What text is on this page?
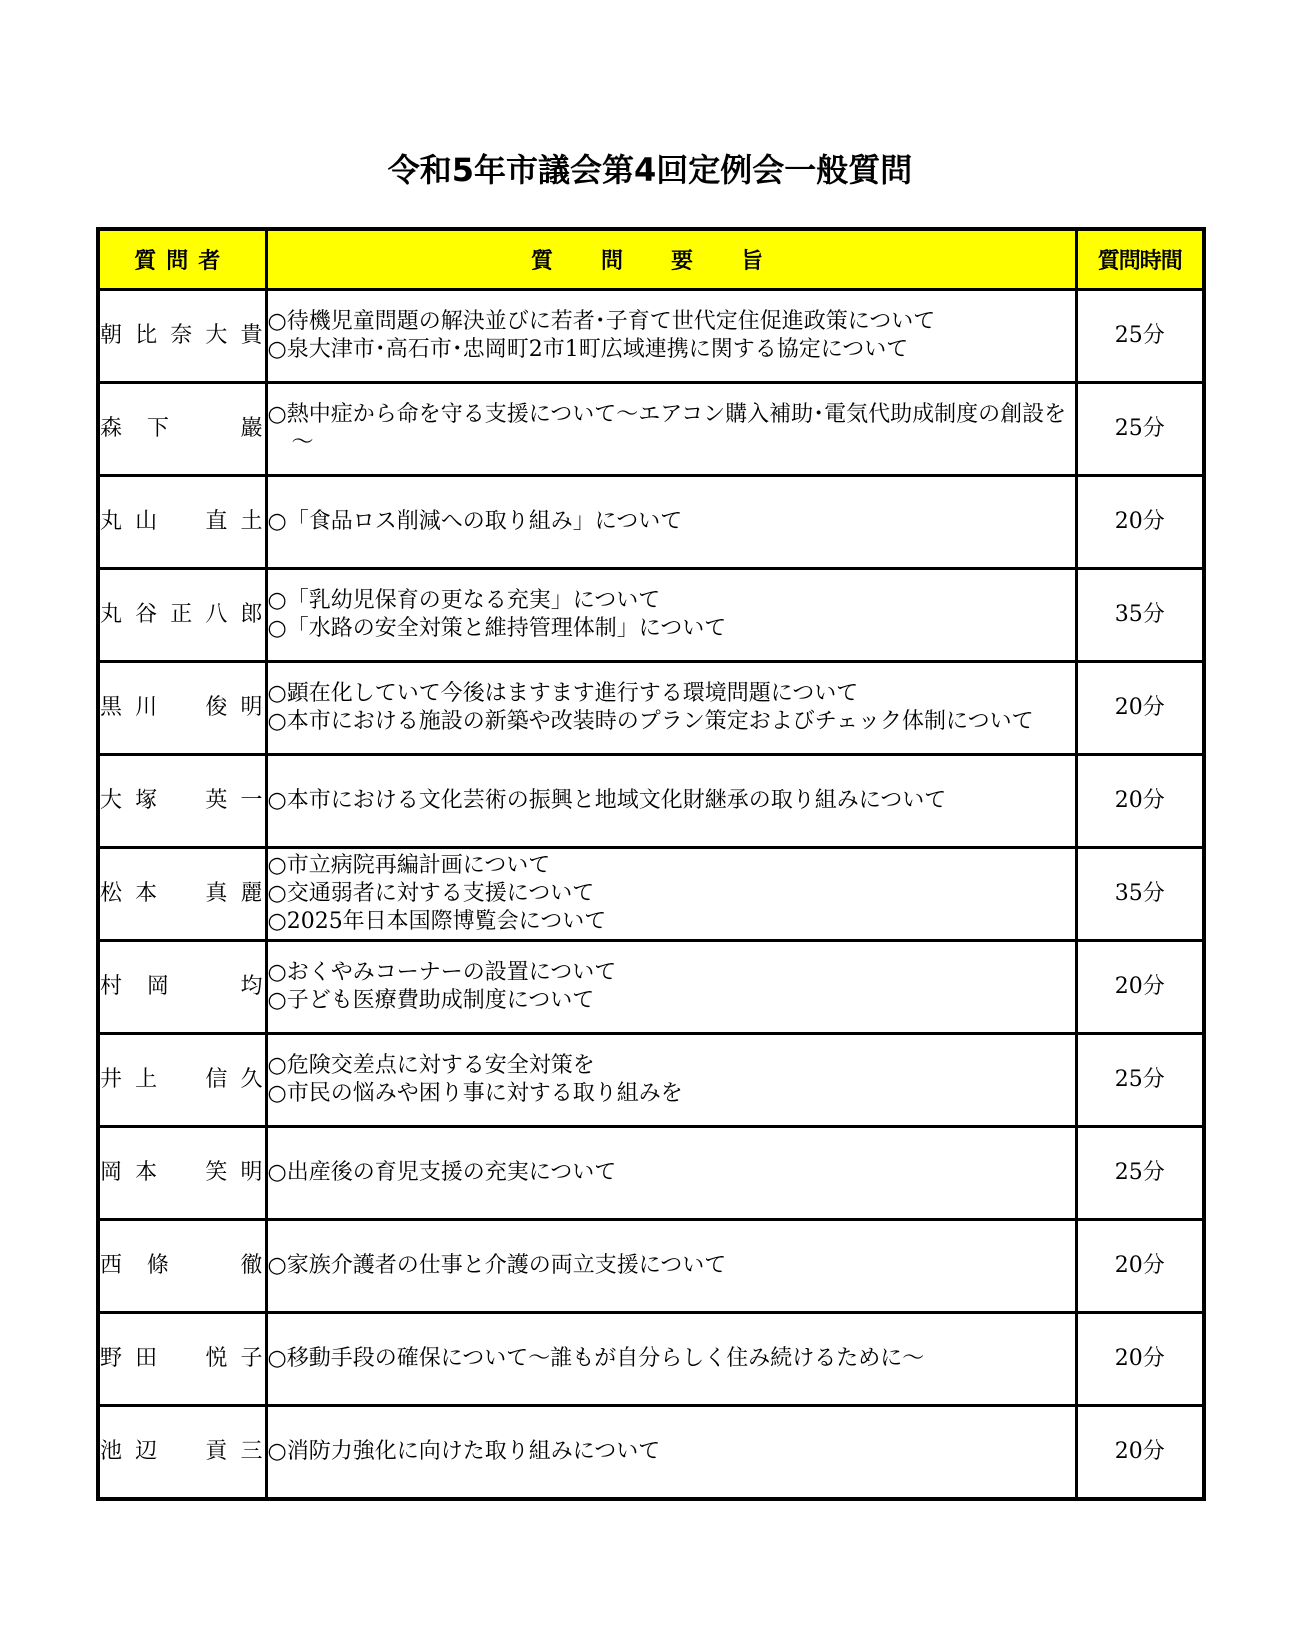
令和5年市議会第4回定例会一般質問
質問者	質問要旨	質問時間
朝比奈大貴	○待機児童問題の解決並びに若者･子育て世代定住促進政策について
○泉大津市･高石市･忠岡町2市1町広域連携に関する協定について	25分
森下　巖	○熱中症から命を守る支援について～エアコン購入補助･電気代助成制度の創設を～	25分
丸山　直土	○「食品ロス削減への取り組み」について	20分
丸谷正八郎	○「乳幼児保育の更なる充実」について
○「水路の安全対策と維持管理体制」について	35分
黒川　俊明	○顕在化していて今後はますます進行する環境問題について
○本市における施設の新築や改装時のプラン策定およびチェック体制について	20分
大塚　英一	○本市における文化芸術の振興と地域文化財継承の取り組みについて	20分
松本　真麗	○市立病院再編計画について
○交通弱者に対する支援について
○2025年日本国際博覧会について	35分
村岡　均	○おくやみコーナーの設置について
○子ども医療費助成制度について	20分
井上　信久	○危険交差点に対する安全対策を
○市民の悩みや困り事に対する取り組みを	25分
岡本　笑明	○出産後の育児支援の充実について	25分
西條　徹	○家族介護者の仕事と介護の両立支援について	20分
野田　悦子	○移動手段の確保について～誰もが自分らしく住み続けるために～	20分
池辺　貢三	○消防力強化に向けた取り組みについて	20分
